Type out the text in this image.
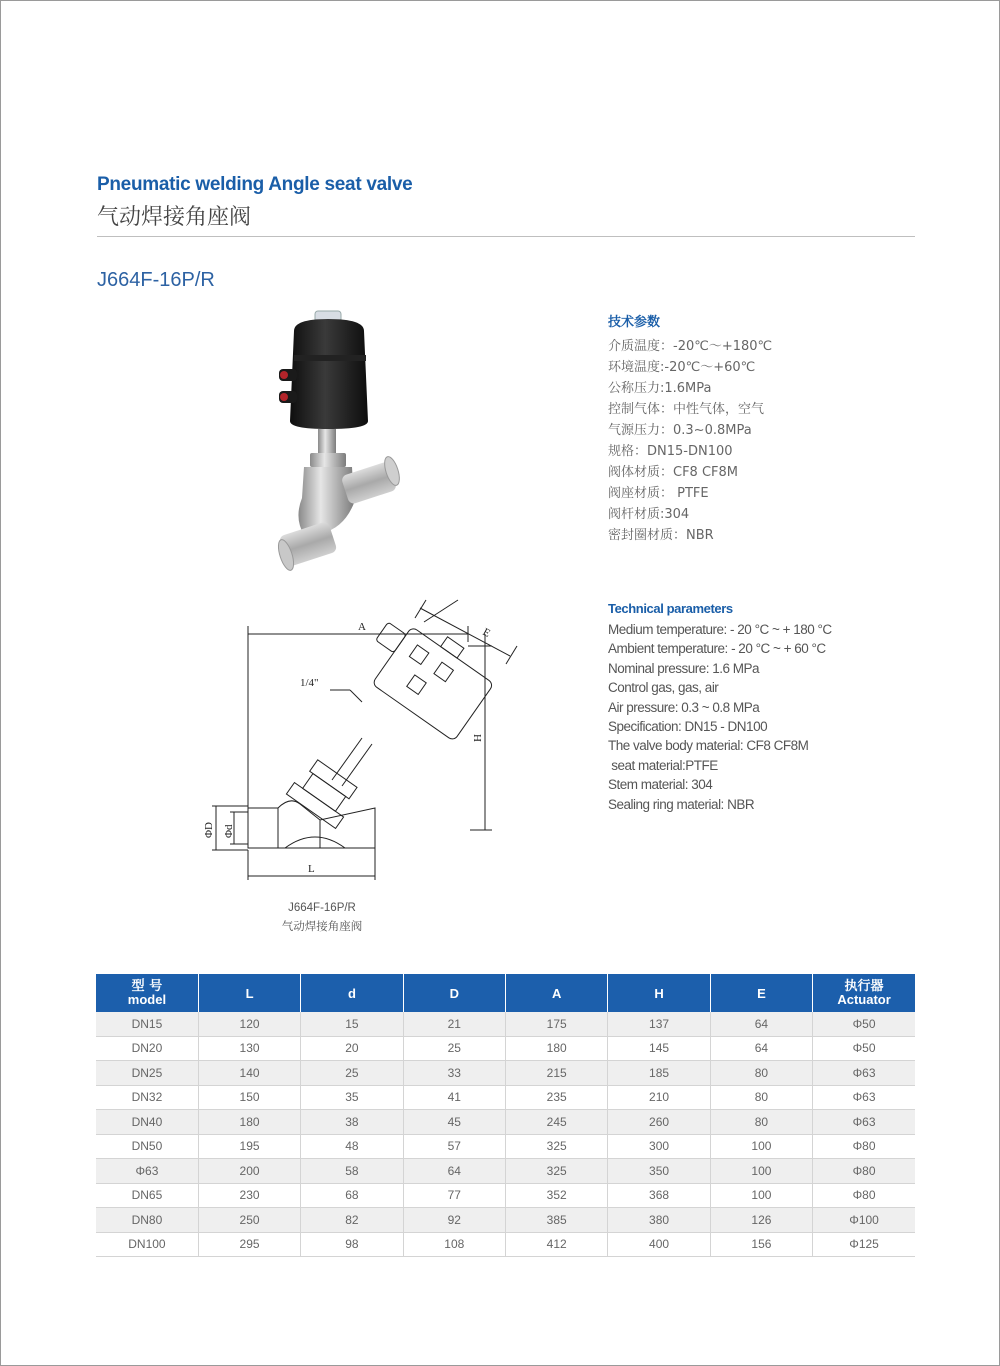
Pneumatic welding Angle seat valve
气动焊接角座阀
J664F-16P/R
A	E
H
L
ΦD Φd
1/4"
J664F-16P/R
气动焊接角座阀
技术参数
介质温度：-20℃～+180℃
环境温度:-20℃～+60℃
公称压力:1.6MPa
控制气体：中性气体，空气
气源压力：0.3~0.8MPa
规格：DN15-DN100
阀体材质：CF8 CF8M
阀座材质： PTFE
阀杆材质:304
密封圈材质：NBR
Technical parameters
Medium temperature: - 20 °C ~ + 180 °C
Ambient temperature: - 20 °C ~ + 60 °C
Nominal pressure: 1.6 MPa
Control gas, gas, air
Air pressure: 0.3 ~ 0.8 MPa
Specification: DN15 - DN100
The valve body material: CF8 CF8M
seat material:PTFE
Stem material: 304
Sealing ring material: NBR
型 号
model	L	d	D	A	H	E	执行器
Actuator

DN15	120	15	21	175	137	64	Φ50
DN20	130	20	25	180	145	64	Φ50
DN25	140	25	33	215	185	80	Φ63
DN32	150	35	41	235	210	80	Φ63
DN40	180	38	45	245	260	80	Φ63
DN50	195	48	57	325	300	100	Φ80
Φ63	200	58	64	325	350	100	Φ80
DN65	230	68	77	352	368	100	Φ80
DN80	250	82	92	385	380	126	Φ100
DN100	295	98	108	412	400	156	Φ125
